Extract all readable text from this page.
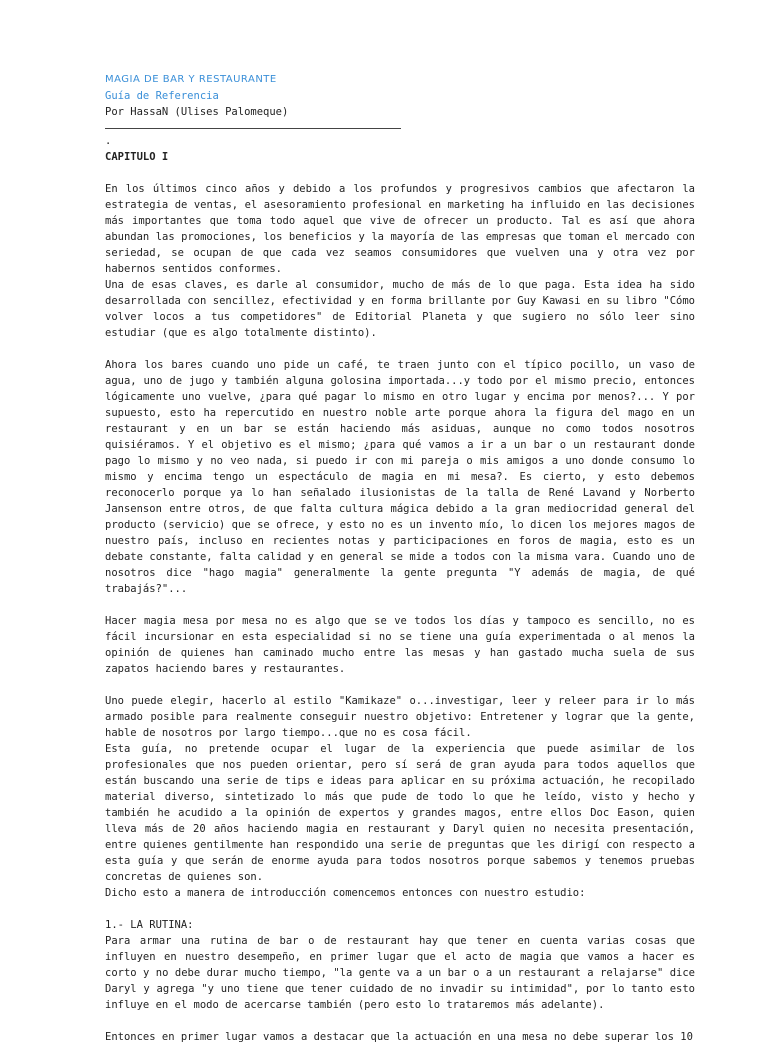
MAGIA DE BAR Y RESTAURANTE
Guía de Referencia
Por HassaN (Ulises Palomeque)
.
CAPITULO I

En los últimos cinco años y debido a los profundos y progresivos cambios que afectaron la estrategia de ventas, el asesoramiento profesional en marketing ha influido en las decisiones más importantes que toma todo aquel que vive de ofrecer un producto. Tal es así que ahora abundan las promociones, los beneficios y la mayoría de las empresas que toman el mercado con seriedad, se ocupan de que cada vez seamos consumidores que vuelven una y otra vez por habernos sentidos conformes.

Una de esas claves, es darle al consumidor, mucho de más de lo que paga. Esta idea ha sido desarrollada con sencillez, efectividad y en forma brillante por Guy Kawasi en su libro "Cómo volver locos a tus competidores" de Editorial Planeta y que sugiero no sólo leer sino estudiar (que es algo totalmente distinto).

Ahora los bares cuando uno pide un café, te traen junto con el típico pocillo, un vaso de agua, uno de jugo y también alguna golosina importada...y todo por el mismo precio, entonces lógicamente uno vuelve, ¿para qué pagar lo mismo en otro lugar y encima por menos?... Y por supuesto, esto ha repercutido en nuestro noble arte porque ahora la figura del mago en un restaurant y en un bar se están haciendo más asiduas, aunque no como todos nosotros quisiéramos. Y el objetivo es el mismo; ¿para qué vamos a ir a un bar o un restaurant donde pago lo mismo y no veo nada, si puedo ir con mi pareja o mis amigos a uno donde consumo lo mismo y encima tengo un espectáculo de magia en mi mesa?. Es cierto, y esto debemos reconocerlo porque ya lo han señalado ilusionistas de la talla de René Lavand y Norberto Jansenson entre otros, de que falta cultura mágica debido a la gran mediocridad general del producto (servicio) que se ofrece, y esto no es un invento mío, lo dicen los mejores magos de nuestro país, incluso en recientes notas y participaciones en foros de magia, esto es un debate constante, falta calidad y en general se mide a todos con la misma vara. Cuando uno de nosotros dice "hago magia" generalmente la gente pregunta "Y además de magia, de qué trabajás?"...

Hacer magia mesa por mesa no es algo que se ve todos los días y tampoco es sencillo, no es fácil incursionar en esta especialidad si no se tiene una guía experimentada o al menos la opinión de quienes han caminado mucho entre las mesas y han gastado mucha suela de sus zapatos haciendo bares y restaurantes.

Uno puede elegir, hacerlo al estilo "Kamikaze" o...investigar, leer y releer para ir lo más armado posible para realmente conseguir nuestro objetivo: Entretener y lograr que la gente, hable de nosotros por largo tiempo...que no es cosa fácil.

Esta guía, no pretende ocupar el lugar de la experiencia que puede asimilar de los profesionales que nos pueden orientar, pero sí será de gran ayuda para todos aquellos que están buscando una serie de tips e ideas para aplicar en su próxima actuación, he recopilado material diverso, sintetizado lo más que pude de todo lo que he leído, visto y hecho y también he acudido a la opinión de expertos y grandes magos, entre ellos Doc Eason, quien lleva más de 20 años haciendo magia en restaurant y Daryl quien no necesita presentación, entre quienes gentilmente han respondido una serie de preguntas que les dirigí con respecto a esta guía y que serán de enorme ayuda para todos nosotros porque sabemos y tenemos pruebas concretas de quienes son.

Dicho esto a manera de introducción comencemos entonces con nuestro estudio:

1.- LA RUTINA:

Para armar una rutina de bar o de restaurant hay que tener en cuenta varias cosas que influyen en nuestro desempeño, en primer lugar que el acto de magia que vamos a hacer es corto y no debe durar mucho tiempo, "la gente va a un bar o a un restaurant a relajarse" dice Daryl y agrega "y uno tiene que tener cuidado de no invadir su intimidad", por lo tanto esto influye en el modo de acercarse también (pero esto lo trataremos más adelante).

Entonces en primer lugar vamos a destacar que la actuación en una mesa no debe superar los 10
